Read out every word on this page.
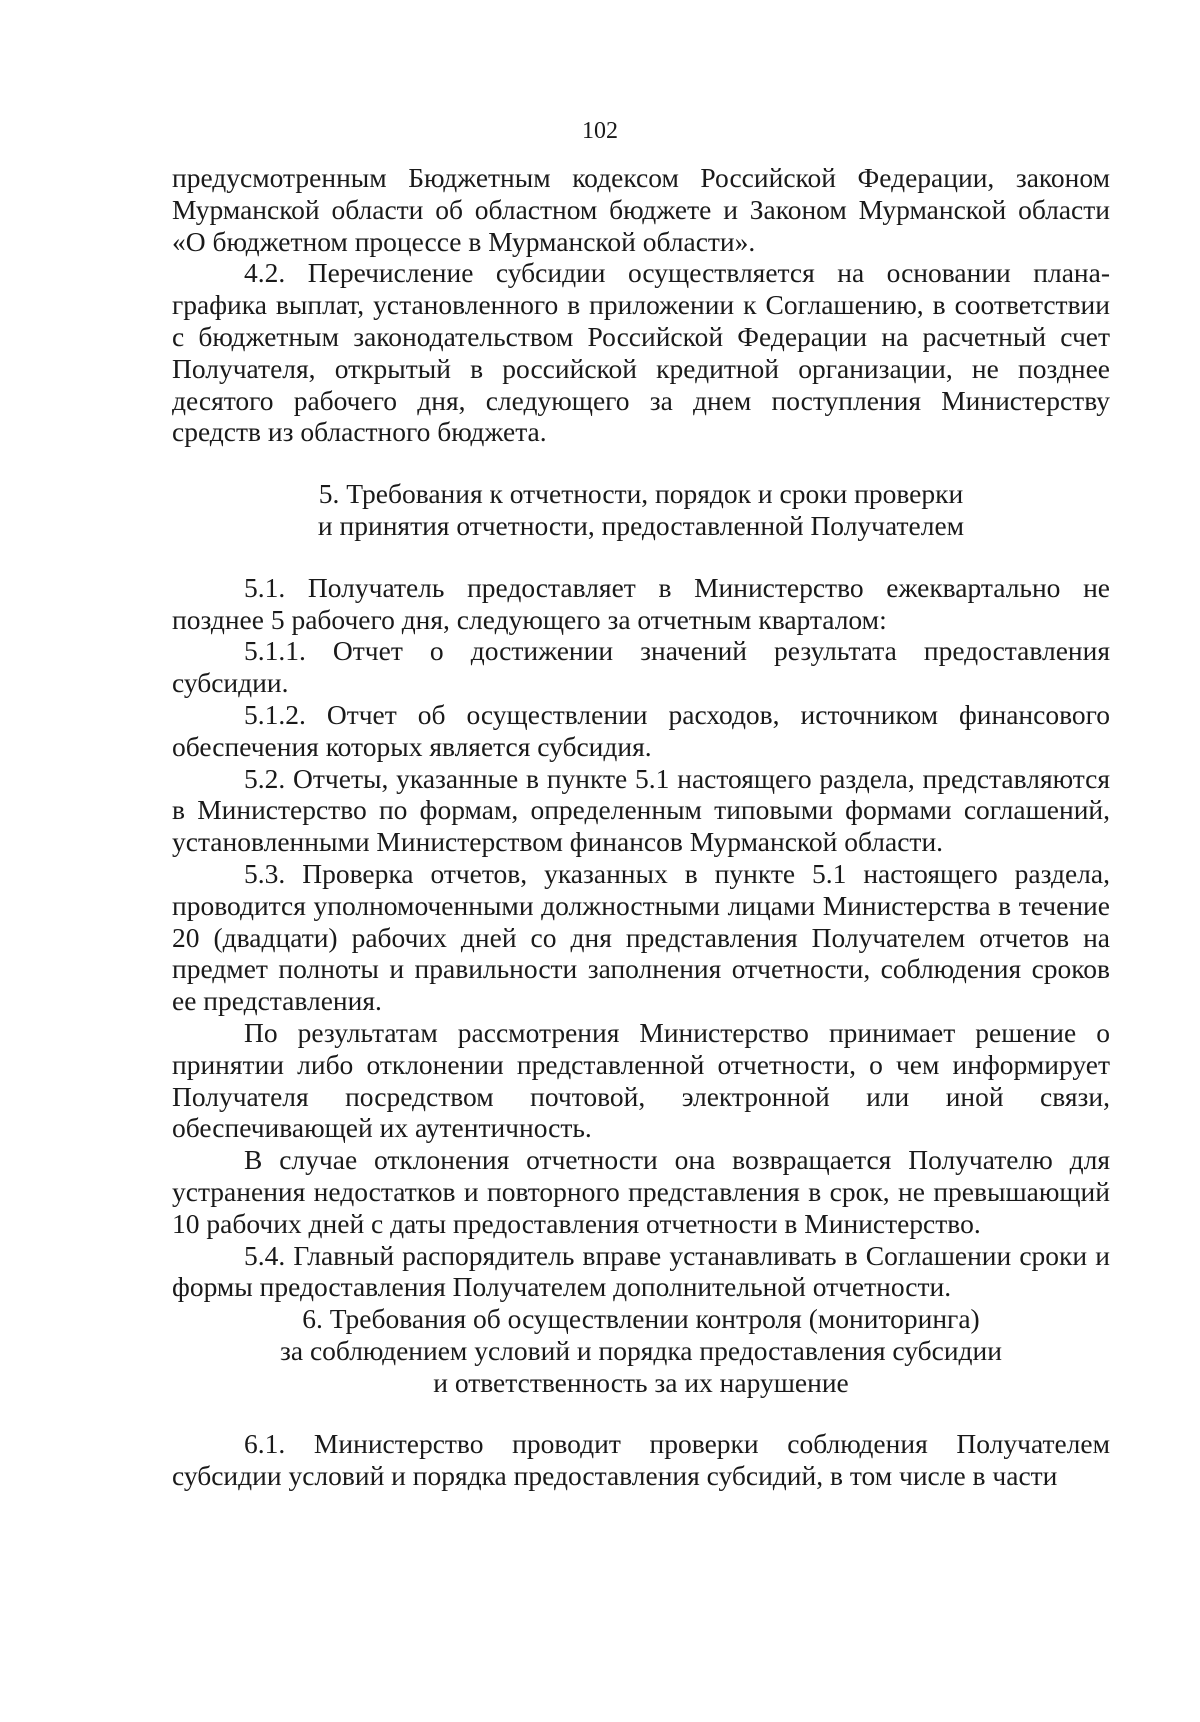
102

предусмотренным Бюджетным кодексом Российской Федерации, законом Мурманской области об областном бюджете и Законом Мурманской области «О бюджетном процессе в Мурманской области».

4.2. Перечисление субсидии осуществляется на основании плана-графика выплат, установленного в приложении к Соглашению, в соответствии с бюджетным законодательством Российской Федерации на расчетный счет Получателя, открытый в российской кредитной организации, не позднее десятого рабочего дня, следующего за днем поступления Министерству средств из областного бюджета.

5. Требования к отчетности, порядок и сроки проверки
и принятия отчетности, предоставленной Получателем

5.1. Получатель предоставляет в Министерство ежеквартально не позднее 5 рабочего дня, следующего за отчетным кварталом:

5.1.1. Отчет о достижении значений результата предоставления субсидии.

5.1.2. Отчет об осуществлении расходов, источником финансового обеспечения которых является субсидия.

5.2. Отчеты, указанные в пункте 5.1 настоящего раздела, представляются в Министерство по формам, определенным типовыми формами соглашений, установленными Министерством финансов Мурманской области.

5.3. Проверка отчетов, указанных в пункте 5.1 настоящего раздела, проводится уполномоченными должностными лицами Министерства в течение 20 (двадцати) рабочих дней со дня представления Получателем отчетов на предмет полноты и правильности заполнения отчетности, соблюдения сроков ее представления.

По результатам рассмотрения Министерство принимает решение о принятии либо отклонении представленной отчетности, о чем информирует Получателя посредством почтовой, электронной или иной связи, обеспечивающей их аутентичность.

В случае отклонения отчетности она возвращается Получателю для устранения недостатков и повторного представления в срок, не превышающий 10 рабочих дней с даты предоставления отчетности в Министерство.

5.4. Главный распорядитель вправе устанавливать в Соглашении сроки и формы предоставления Получателем дополнительной отчетности.

6. Требования об осуществлении контроля (мониторинга)
за соблюдением условий и порядка предоставления субсидии
и ответственность за их нарушение

6.1. Министерство проводит проверки соблюдения Получателем субсидии условий и порядка предоставления субсидий, в том числе в части
